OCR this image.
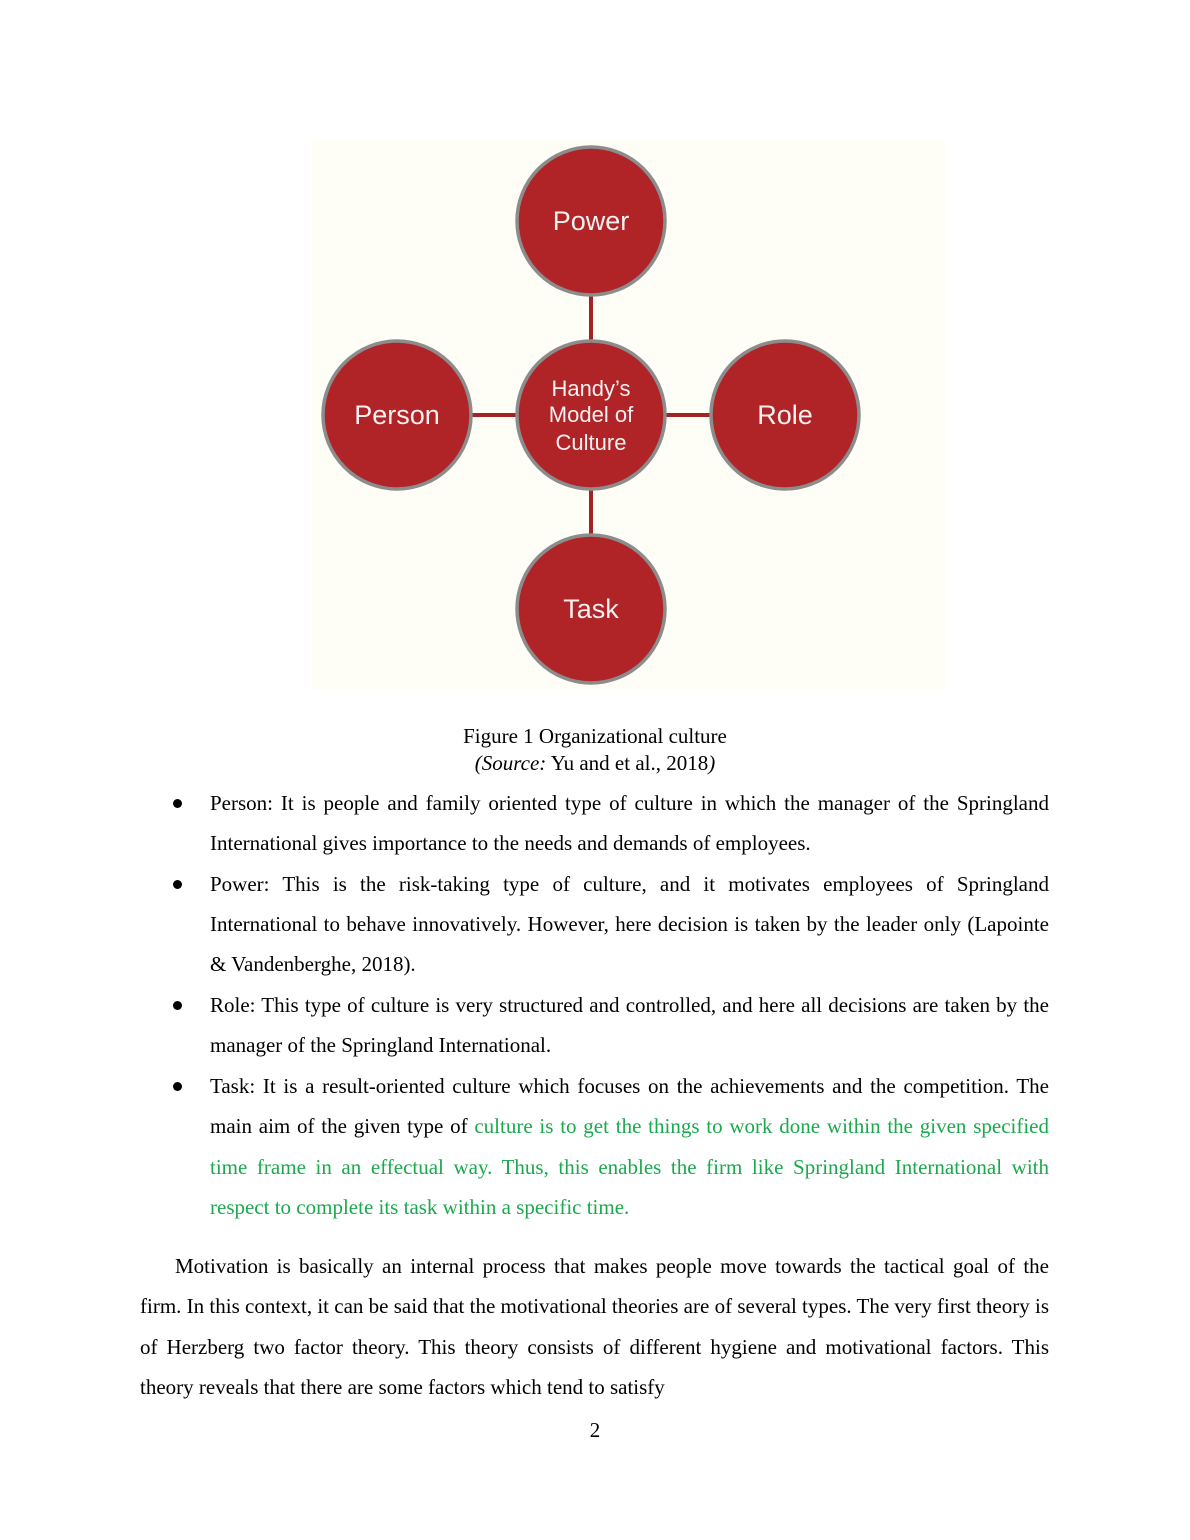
Power
Person	Role
Task
Handy’s
Model of
Culture
Figure 1 Organizational culture
(Source: Yu and et al., 2018)
Person: It is people and family oriented type of culture in which the manager of the Springland International gives importance to the needs and demands of employees.
Power: This is the risk-taking type of culture, and it motivates employees of Springland International to behave innovatively. However, here decision is taken by the leader only (Lapointe & Vandenberghe, 2018).
Role: This type of culture is very structured and controlled, and here all decisions are taken by the manager of the Springland International.
Task: It is a result-oriented culture which focuses on the achievements and the competition. The main aim of the given type of culture is to get the things to work done within the given specified time frame in an effectual way. Thus, this enables the firm like Springland International with respect to complete its task within a specific time.

Motivation is basically an internal process that makes people move towards the tactical goal of the firm. In this context, it can be said that the motivational theories are of several types. The very first theory is of Herzberg two factor theory. This theory consists of different hygiene and motivational factors. This theory reveals that there are some factors which tend to satisfy

2
